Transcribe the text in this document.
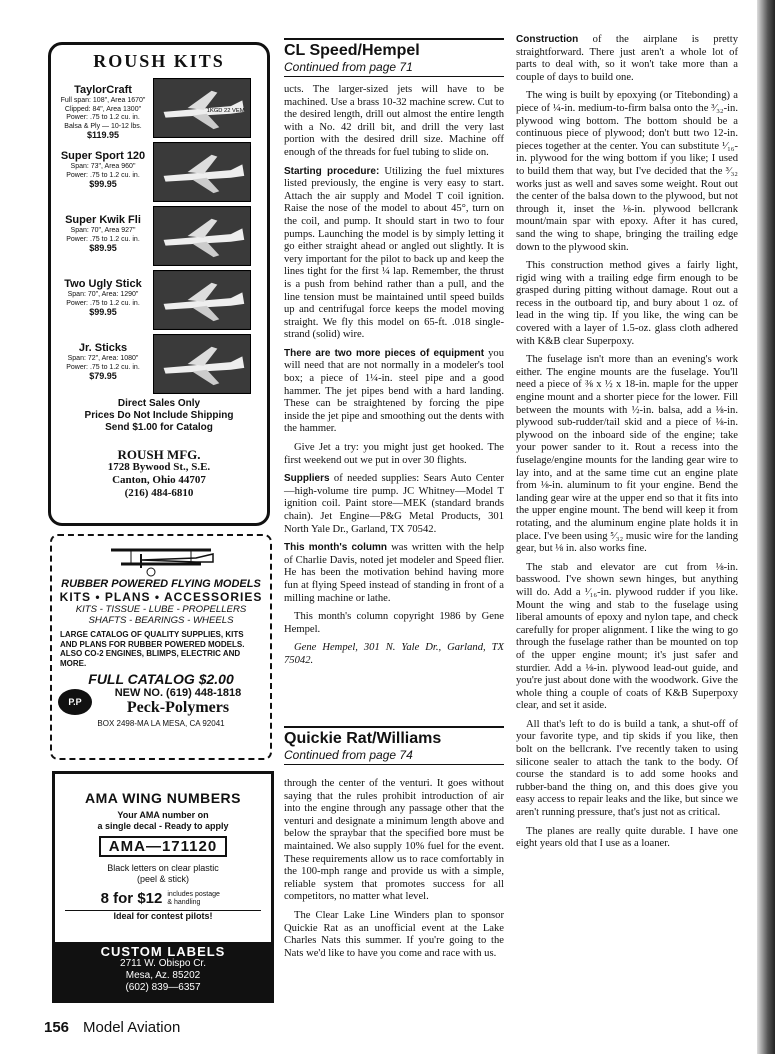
ROUSH KITS
TaylorCraft
Full span: 108", Area 1670"
Clipped: 84", Area 1300"
Power: .75 to 1.2 cu. in.
Balsa & Ply — 10-12 lbs.
$119.95
1KGD 22 VEM
Super Sport 120
Span: 73", Area 960"
Power: .75 to 1.2 cu. in.
$99.95
Super Kwik Fli
Span: 70", Area 927"
Power: .75 to 1.2 cu. in.
$89.95
Two Ugly Stick
Span: 70", Area: 1290"
Power: .75 to 1.2 cu. in.
$99.95
Jr. Sticks
Span: 72", Area: 1080"
Power: .75 to 1.2 cu. in.
$79.95
Direct Sales Only
Prices Do Not Include Shipping
Send $1.00 for Catalog
ROUSH MFG.
1728 Bywood St., S.E.
Canton, Ohio 44707
(216) 484-6810
RUBBER POWERED FLYING MODELS
KITS • PLANS • ACCESSORIES
KITS - TISSUE - LUBE - PROPELLERS
SHAFTS - BEARINGS - WHEELS
LARGE CATALOG OF QUALITY SUPPLIES, KITS AND PLANS FOR RUBBER POWERED MODELS. ALSO CO-2 ENGINES, BLIMPS, ELECTRIC AND MORE.
FULL CATALOG $2.00
P.P
NEW NO. (619) 448-1818
Peck-Polymers
BOX 2498-MA LA MESA, CA 92041
AMA WING NUMBERS
Your AMA number on
a single decal - Ready to apply
AMA—171120
Black letters on clear plastic
(peel & stick)
8 for $12 includes postage & handling
Ideal for contest pilots!
CUSTOM LABELS
2711 W. Obispo Cr.
Mesa, Az. 85202
(602) 839—6357
CL Speed/Hempel
Continued from page 71

ucts. The larger-sized jets will have to be machined. Use a brass 10-32 machine screw. Cut to the desired length, drill out almost the entire length with a No. 42 drill bit, and drill the very last portion with the desired drill size. Machine off enough of the threads for fuel tubing to slide on.

Starting procedure: Utilizing the fuel mixtures listed previously, the engine is very easy to start. Attach the air supply and Model T coil ignition. Raise the nose of the model to about 45°, turn on the coil, and pump. It should start in two to four pumps. Launching the model is by simply letting it go either straight ahead or angled out slightly. It is very important for the pilot to back up and keep the lines tight for the first ¼ lap. Remember, the thrust is a push from behind rather than a pull, and the line tension must be maintained until speed builds up and centrifugal force keeps the model moving straight. We fly this model on 65-ft. .018 single-strand (solid) wire.

There are two more pieces of equipment you will need that are not normally in a modeler's tool box; a piece of 1¼-in. steel pipe and a good hammer. The jet pipes bend with a hard landing. These can be straightened by forcing the pipe inside the jet pipe and smoothing out the dents with the hammer.

Give Jet a try: you might just get hooked. The first weekend out we put in over 30 flights.

Suppliers of needed supplies: Sears Auto Center—high-volume tire pump. JC Whitney—Model T ignition coil. Paint store—MEK (standard brands chain). Jet Engine—P&G Metal Products, 301 North Yale Dr., Garland, TX 70542.

This month's column was written with the help of Charlie Davis, noted jet modeler and Speed flier. He has been the motivation behind having more fun at flying Speed instead of standing in front of a milling machine or lathe.

This month's column copyright 1986 by Gene Hempel.

Gene Hempel, 301 N. Yale Dr., Garland, TX 75042.

Quickie Rat/Williams
Continued from page 74

through the center of the venturi. It goes without saying that the rules prohibit introduction of air into the engine through any passage other that the venturi and designate a minimum length above and below the spraybar that the specified bore must be maintained. We also supply 10% fuel for the event. These requirements allow us to race comfortably in the 100-mph range and provide us with a simple, reliable system that promotes success for all competitors, no matter what level.

The Clear Lake Line Winders plan to sponsor Quickie Rat as an unofficial event at the Lake Charles Nats this summer. If you're going to the Nats we'd like to have you come and race with us.

Construction of the airplane is pretty straightforward. There just aren't a whole lot of parts to deal with, so it won't take more than a couple of days to build one.

The wing is built by epoxying (or Titebonding) a piece of ¼-in. medium-to-firm balsa onto the ³⁄₃₂-in. plywood wing bottom. The bottom should be a continuous piece of plywood; don't butt two 12-in. pieces together at the center. You can substitute ¹⁄₁₆-in. plywood for the wing bottom if you like; I used to build them that way, but I've decided that the ³⁄₃₂ works just as well and saves some weight. Rout out the center of the balsa down to the plywood, but not through it, inset the ⅛-in. plywood bellcrank mount/main spar with epoxy. After it has cured, sand the wing to shape, bringing the trailing edge down to the plywood skin.

This construction method gives a fairly light, rigid wing with a trailing edge firm enough to be grasped during pitting without damage. Rout out a recess in the outboard tip, and bury about 1 oz. of lead in the wing tip. If you like, the wing can be covered with a layer of 1.5-oz. glass cloth adhered with K&B clear Superpoxy.

The fuselage isn't more than an evening's work either. The engine mounts are the fuselage. You'll need a piece of ⅜ x ½ x 18-in. maple for the upper engine mount and a shorter piece for the lower. Fill between the mounts with ½-in. balsa, add a ⅛-in. plywood sub-rudder/tail skid and a piece of ⅛-in. plywood on the inboard side of the engine; take your power sander to it. Rout a recess into the fuselage/engine mounts for the landing gear wire to lay into, and at the same time cut an engine plate from ⅛-in. aluminum to fit your engine. Bend the landing gear wire at the upper end so that it fits into the upper engine mount. The bend will keep it from rotating, and the aluminum engine plate holds it in place. I've been using ⁵⁄₃₂ music wire for the landing gear, but ⅛ in. also works fine.

The stab and elevator are cut from ⅛-in. basswood. I've shown sewn hinges, but anything will do. Add a ¹⁄₁₆-in. plywood rudder if you like. Mount the wing and stab to the fuselage using liberal amounts of epoxy and nylon tape, and check carefully for proper alignment. I like the wing to go through the fuselage rather than be mounted on top of the upper engine mount; it's just safer and sturdier. Add a ⅛-in. plywood lead-out guide, and you're just about done with the woodwork. Give the whole thing a couple of coats of K&B Superpoxy clear, and set it aside.

All that's left to do is build a tank, a shut-off of your favorite type, and tip skids if you like, then bolt on the bellcrank. I've recently taken to using silicone sealer to attach the tank to the body. Of course the standard is to add some hooks and rubber-band the thing on, and this does give you easy access to repair leaks and the like, but since we aren't running pressure, that's just not as critical.

The planes are really quite durable. I have one eight years old that I use as a loaner.

156 Model Aviation
